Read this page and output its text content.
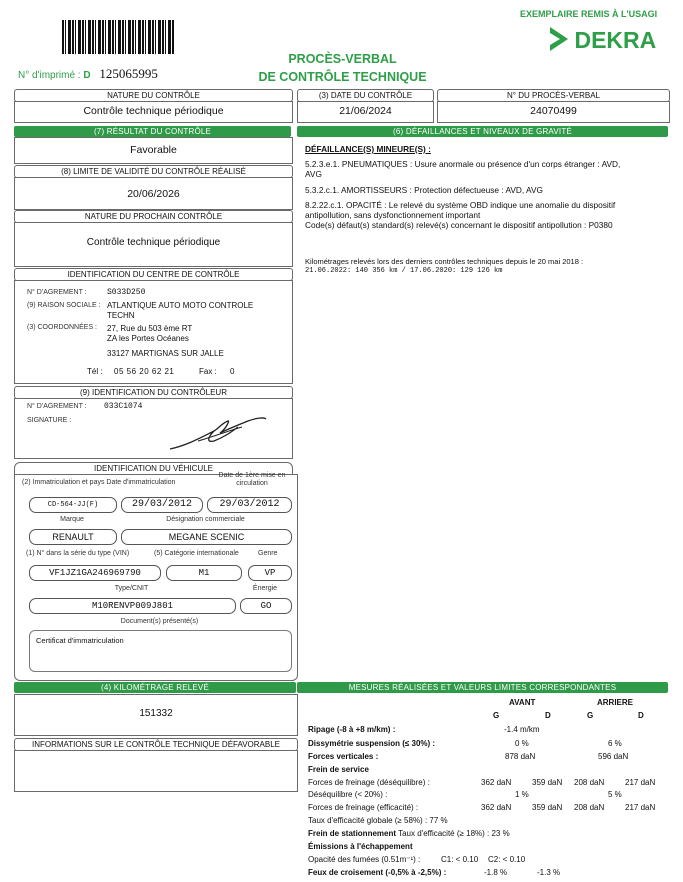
EXEMPLAIRE REMIS À L'USAGI
DEKRA
PROCÈS-VERBAL
DE CONTRÔLE TECHNIQUE
N° d'imprimé : D 125065995
NATURE DU CONTRÔLE
Contrôle technique périodique
(3) DATE DU CONTRÔLE
21/06/2024
N° DU PROCÈS-VERBAL
24070499
(7) RÉSULTAT DU CONTRÔLE
Favorable
(8) LIMITE DE VALIDITÉ DU CONTRÔLE RÉALISÉ
20/06/2026
NATURE DU PROCHAIN CONTRÔLE
Contrôle technique périodique
IDENTIFICATION DU CENTRE DE CONTRÔLE
N° D'AGREMENT :	S033D250
(9) RAISON SOCIALE : ATLANTIQUE AUTO MOTO CONTROLE
TECHN
(3) COORDONNÉES : 27, Rue du 503 ème RT
ZA les Portes Océanes
33127 MARTIGNAS SUR JALLE
Tél : 05 56 20 62 21	Fax : 0
(9) IDENTIFICATION DU CONTRÔLEUR
N° D'AGREMENT : 033C1074
SIGNATURE :
IDENTIFICATION DU VÉHICULE
(2) Immatriculation et pays Date d'immatriculation
Date de 1ère mise en circulation
CD-564-JJ(F)	29/03/2012	29/03/2012
Marque	Désignation commerciale
RENAULT	MEGANE SCENIC
(1) N° dans la série du type (VIN)	(5) Catégorie internationale	Genre
VF1JZ1GA246969790	M1	VP
Type/CNIT	Énergie
M10RENVP009J801	GO
Document(s) présenté(s)
Certificat d'immatriculation
(4) KILOMÉTRAGE RELEVÉ
151332
INFORMATIONS SUR LE CONTRÔLE TECHNIQUE DÉFAVORABLE
(6) DÉFAILLANCES ET NIVEAUX DE GRAVITÉ
DÉFAILLANCE(S) MINEURE(S) :
5.2.3.e.1. PNEUMATIQUES : Usure anormale ou présence d'un corps étranger : AVD,
AVG
5.3.2.c.1. AMORTISSEURS : Protection défectueuse : AVD, AVG
8.2.22.c.1. OPACITÉ : Le relevé du système OBD indique une anomalie du dispositif
antipollution, sans dysfonctionnement important
Code(s) défaut(s) standard(s) relevé(s) concernant le dispositif antipollution : P0380
Kilométrages relevés lors des derniers contrôles techniques depuis le 20 mai 2018 :
21.06.2022: 140 356 km / 17.06.2020: 129 126 km
MESURES RÉALISÉES ET VALEURS LIMITES CORRESPONDANTES
AVANT	ARRIERE
G	D	G	D
Ripage (-8 à +8 m/km) :	-1.4 m/km
Dissymétrie suspension (≤ 30%) :	0 %	6 %
Forces verticales :	878 daN	596 daN
Frein de service
Forces de freinage (déséquilibre) :	362 daN	359 daN 208 daN	217 daN
Déséquilibre (< 20%) :	1 %	5 %
Forces de freinage (efficacité) :	362 daN	359 daN 208 daN	217 daN
Taux d'efficacité globale (≥ 58%) : 77 %
Frein de stationnement Taux d'efficacité (≥ 18%) : 23 %
Émissions à l'échappement
Opacité des fumées (0.51m⁻¹) :	C1: < 0.10 C2: < 0.10
Feux de croisement (-0,5% à -2,5%) :	-1.8 %	-1.3 %
